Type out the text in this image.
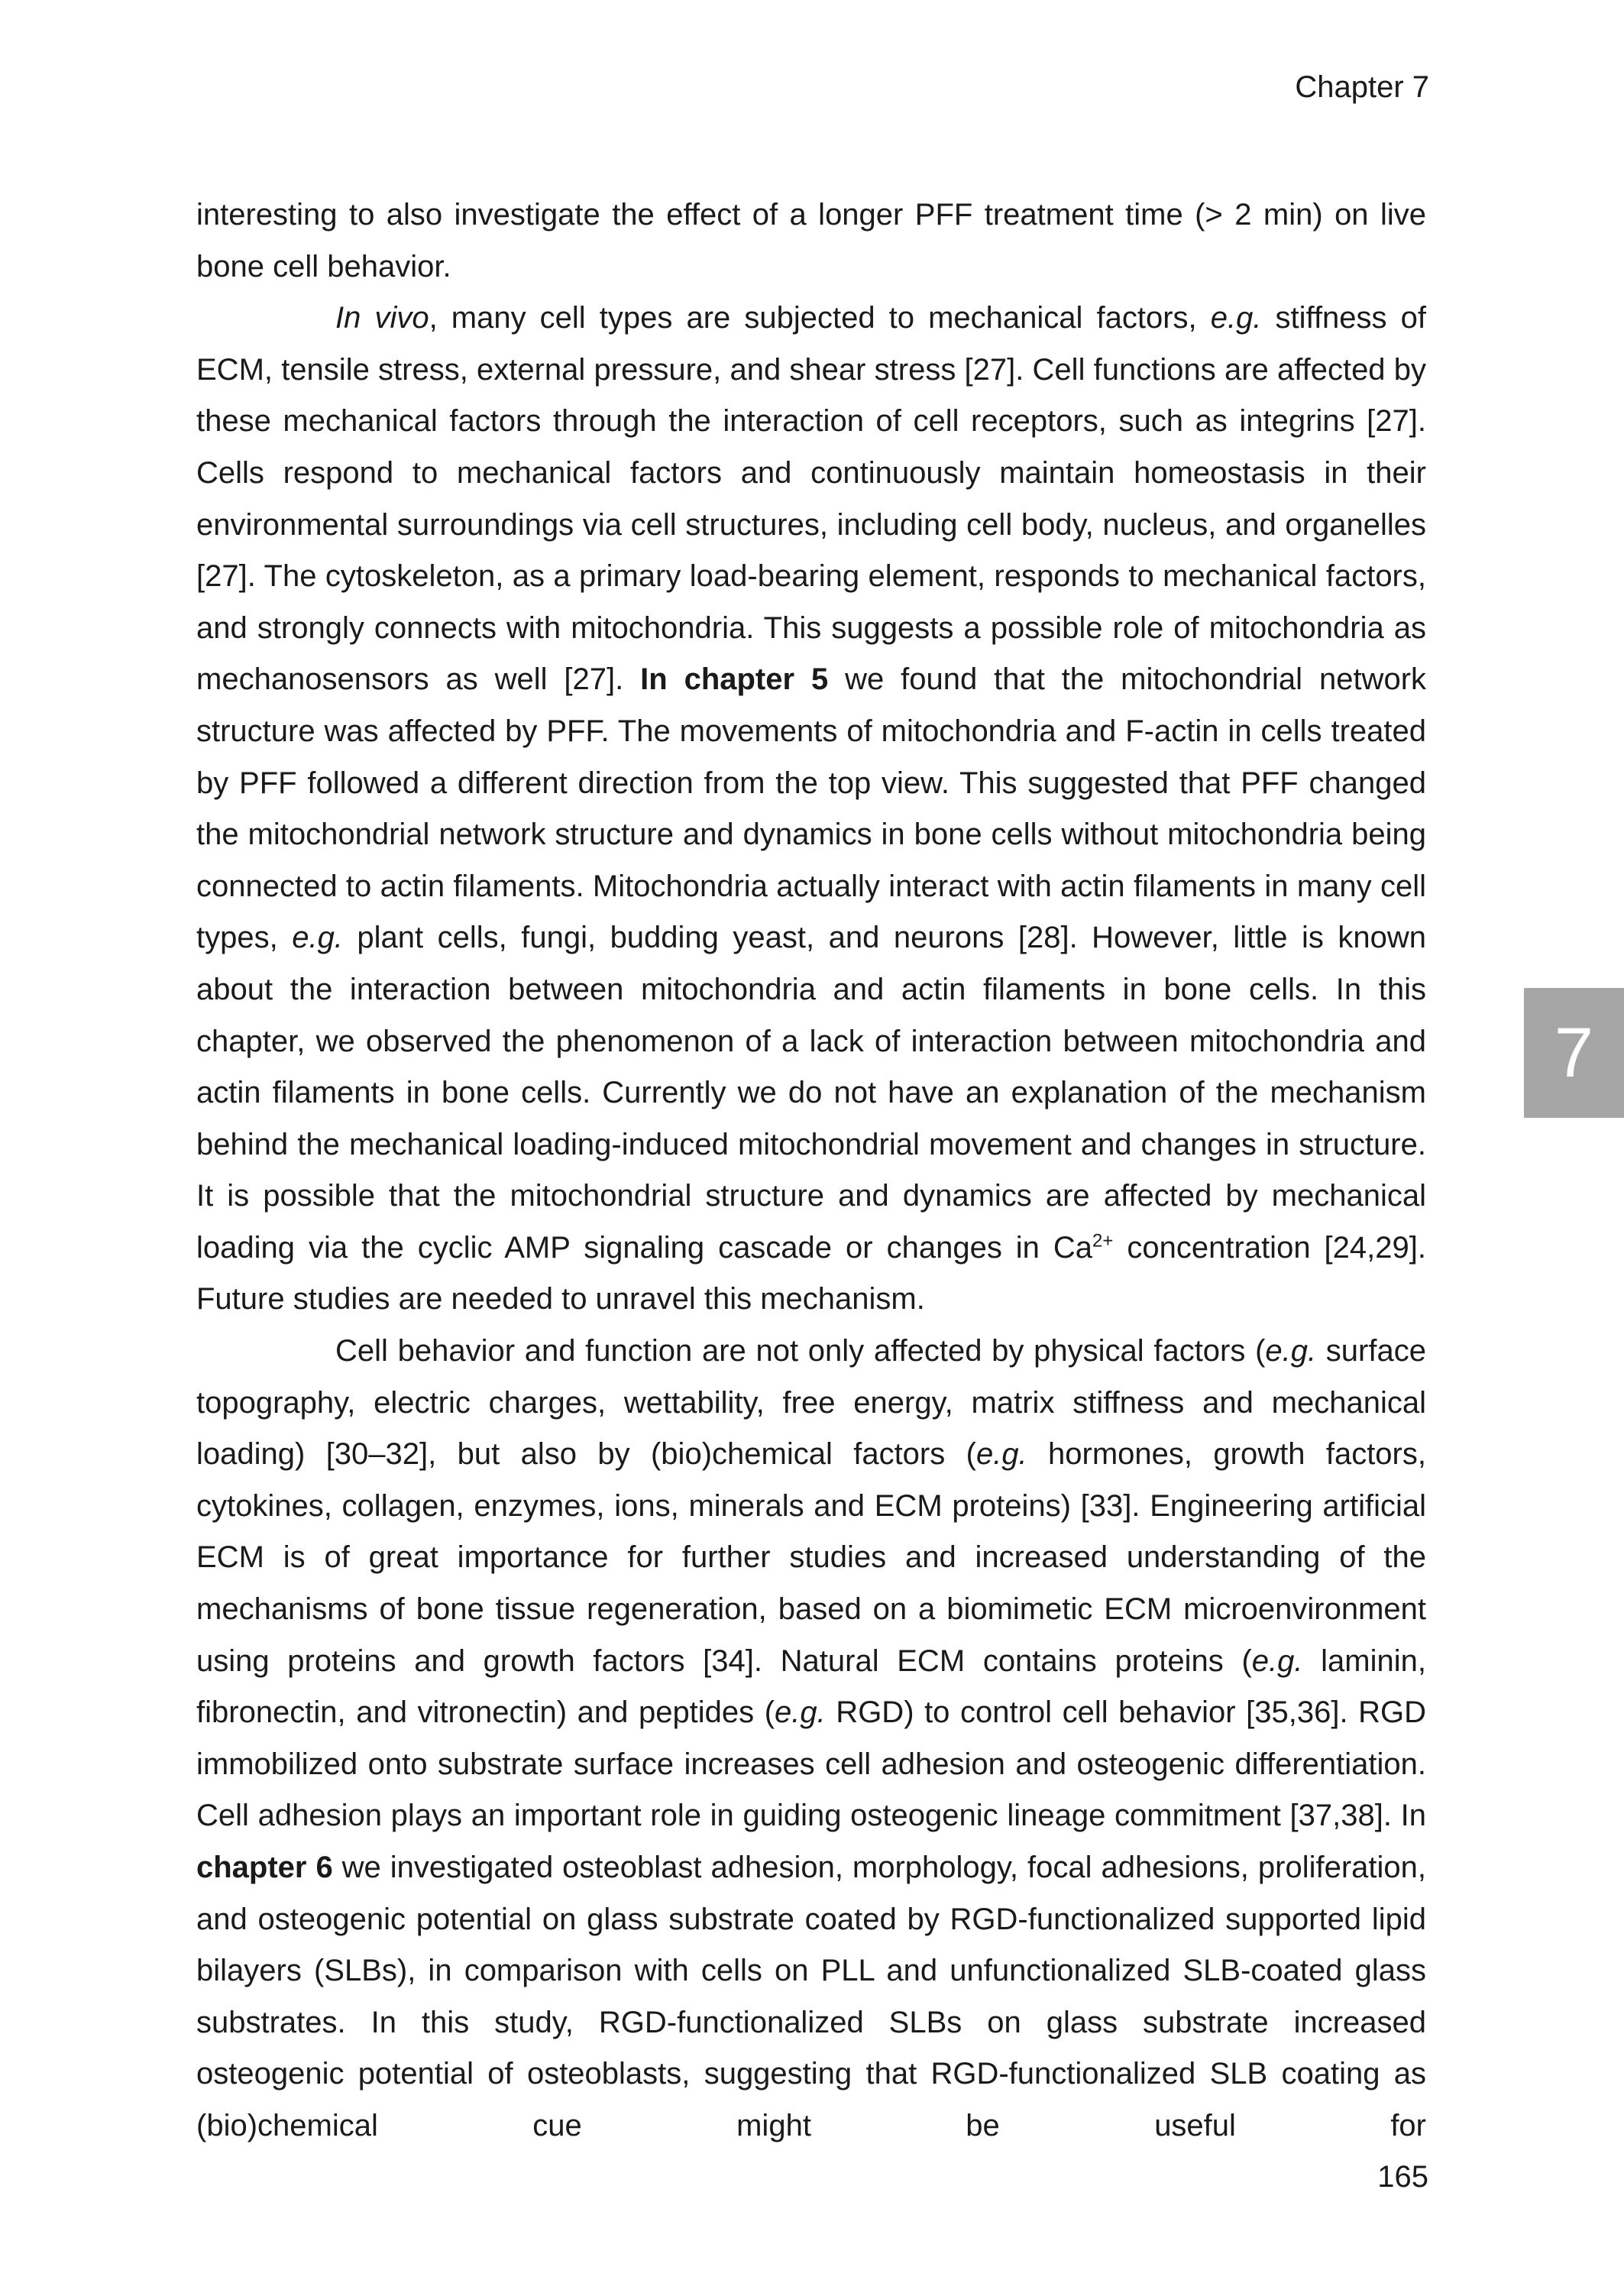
Chapter 7

interesting to also investigate the effect of a longer PFF treatment time (> 2 min) on live bone cell behavior.

In vivo, many cell types are subjected to mechanical factors, e.g. stiffness of ECM, tensile stress, external pressure, and shear stress [27]. Cell functions are affected by these mechanical factors through the interaction of cell receptors, such as integrins [27]. Cells respond to mechanical factors and continuously maintain homeostasis in their environmental surroundings via cell structures, including cell body, nucleus, and organelles [27]. The cytoskeleton, as a primary load-bearing element, responds to mechanical factors, and strongly connects with mitochondria. This suggests a possible role of mitochondria as mechanosensors as well [27]. In chapter 5 we found that the mitochondrial network structure was affected by PFF. The movements of mitochondria and F-actin in cells treated by PFF followed a different direction from the top view. This suggested that PFF changed the mitochondrial network structure and dynamics in bone cells without mitochondria being connected to actin filaments. Mitochondria actually interact with actin filaments in many cell types, e.g. plant cells, fungi, budding yeast, and neurons [28]. However, little is known about the interaction between mitochondria and actin filaments in bone cells. In this chapter, we observed the phenomenon of a lack of interaction between mitochondria and actin filaments in bone cells. Currently we do not have an explanation of the mechanism behind the mechanical loading-induced mitochondrial movement and changes in structure. It is possible that the mitochondrial structure and dynamics are affected by mechanical loading via the cyclic AMP signaling cascade or changes in $Ca^{2+}$ concentration [24,29]. Future studies are needed to unravel this mechanism.

Cell behavior and function are not only affected by physical factors (e.g. surface topography, electric charges, wettability, free energy, matrix stiffness and mechanical loading) [30–32], but also by (bio)chemical factors (e.g. hormones, growth factors, cytokines, collagen, enzymes, ions, minerals and ECM proteins) [33]. Engineering artificial ECM is of great importance for further studies and increased understanding of the mechanisms of bone tissue regeneration, based on a biomimetic ECM microenvironment using proteins and growth factors [34]. Natural ECM contains proteins (e.g. laminin, fibronectin, and vitronectin) and peptides (e.g. RGD) to control cell behavior [35,36]. RGD immobilized onto substrate surface increases cell adhesion and osteogenic differentiation. Cell adhesion plays an important role in guiding osteogenic lineage commitment [37,38]. In chapter 6 we investigated osteoblast adhesion, morphology, focal adhesions, proliferation, and osteogenic potential on glass substrate coated by RGD-functionalized supported lipid bilayers (SLBs), in comparison with cells on PLL and unfunctionalized SLB-coated glass substrates. In this study, RGD-functionalized SLBs on glass substrate increased osteogenic potential of osteoblasts, suggesting that RGD-functionalized SLB coating as (bio)chemical cue might be useful for

7
165
